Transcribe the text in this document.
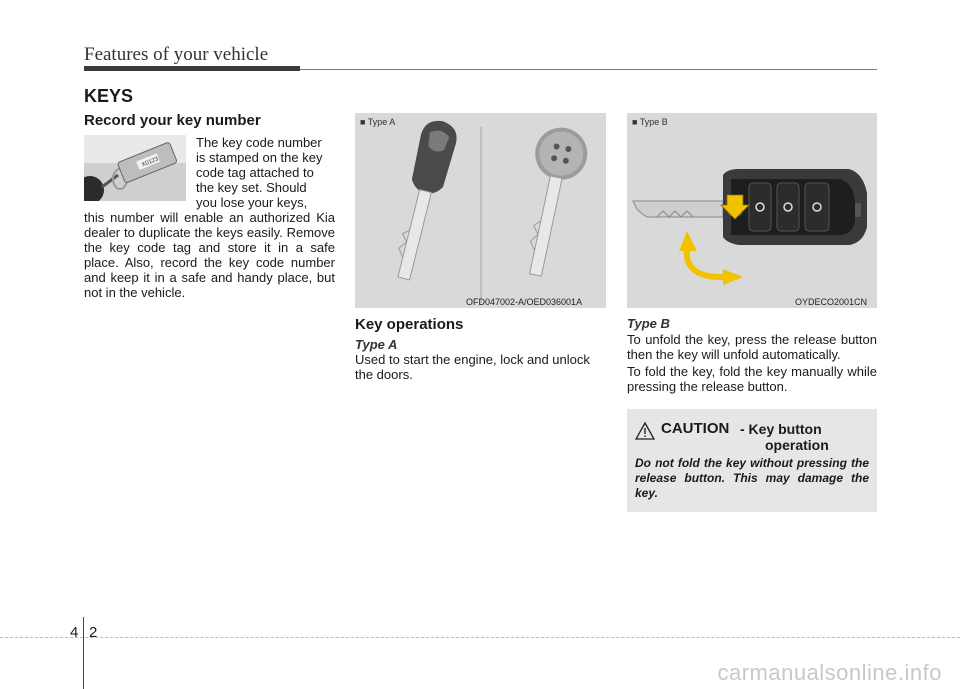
Features of your vehicle
KEYS
Record your key number
X0123
The key code number
is stamped on the key
code tag attached to
the key set. Should
you lose your keys,
this number will enable an authorized Kia dealer to duplicate the keys easily. Remove the key code tag and store it in a safe place. Also, record the key code number and keep it in a safe and handy place, but not in the vehicle.
■ Type A
OFD047002-A/OED036001A
Key operations
Type A
Used to start the engine, lock and unlock the doors.
■ Type B
OYDECO2001CN
Type B
To unfold the key, press the release button then the key will unfold automatically.
To fold the key, fold the key manually while pressing the release button.
CAUTION - Key button
operation
Do not fold the key without pressing the release button. This may damage the key.
4 2
carmanualsonline.info
